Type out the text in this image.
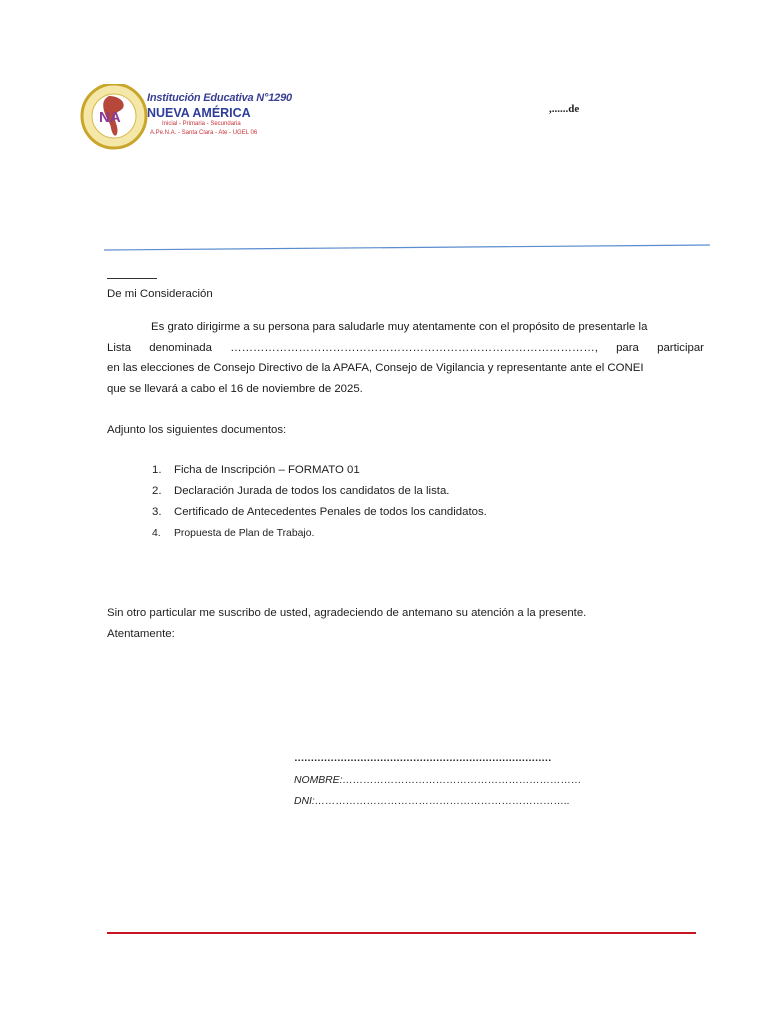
NA
Institución Educativa N°1290
NUEVA AMÉRICA
Inicial - Primaria - Secundaria
A.Pe.N.A. - Santa Clara - Ate - UGEL 06
,......de
De mi Consideración
Es grato dirigirme a su persona para saludarle muy atentamente con el propósito de presentarle la
Lista denominada ……………………………………………………………………………………, para participar
en las elecciones de Consejo Directivo de la APAFA, Consejo de Vigilancia y representante ante el CONEI
que se llevará a cabo el 16 de noviembre de 2025.
Adjunto los siguientes documentos:
1. Ficha de Inscripción – FORMATO 01
2. Declaración Jurada de todos los candidatos de la lista.
3. Certificado de Antecedentes Penales de todos los candidatos.
4. Propuesta de Plan de Trabajo.
Sin otro particular me suscribo de usted, agradeciendo de antemano su atención a la presente.
Atentamente:
……………………………………………………………………
NOMBRE:……………………………………………………………
DNI:………………………………………………………………..
